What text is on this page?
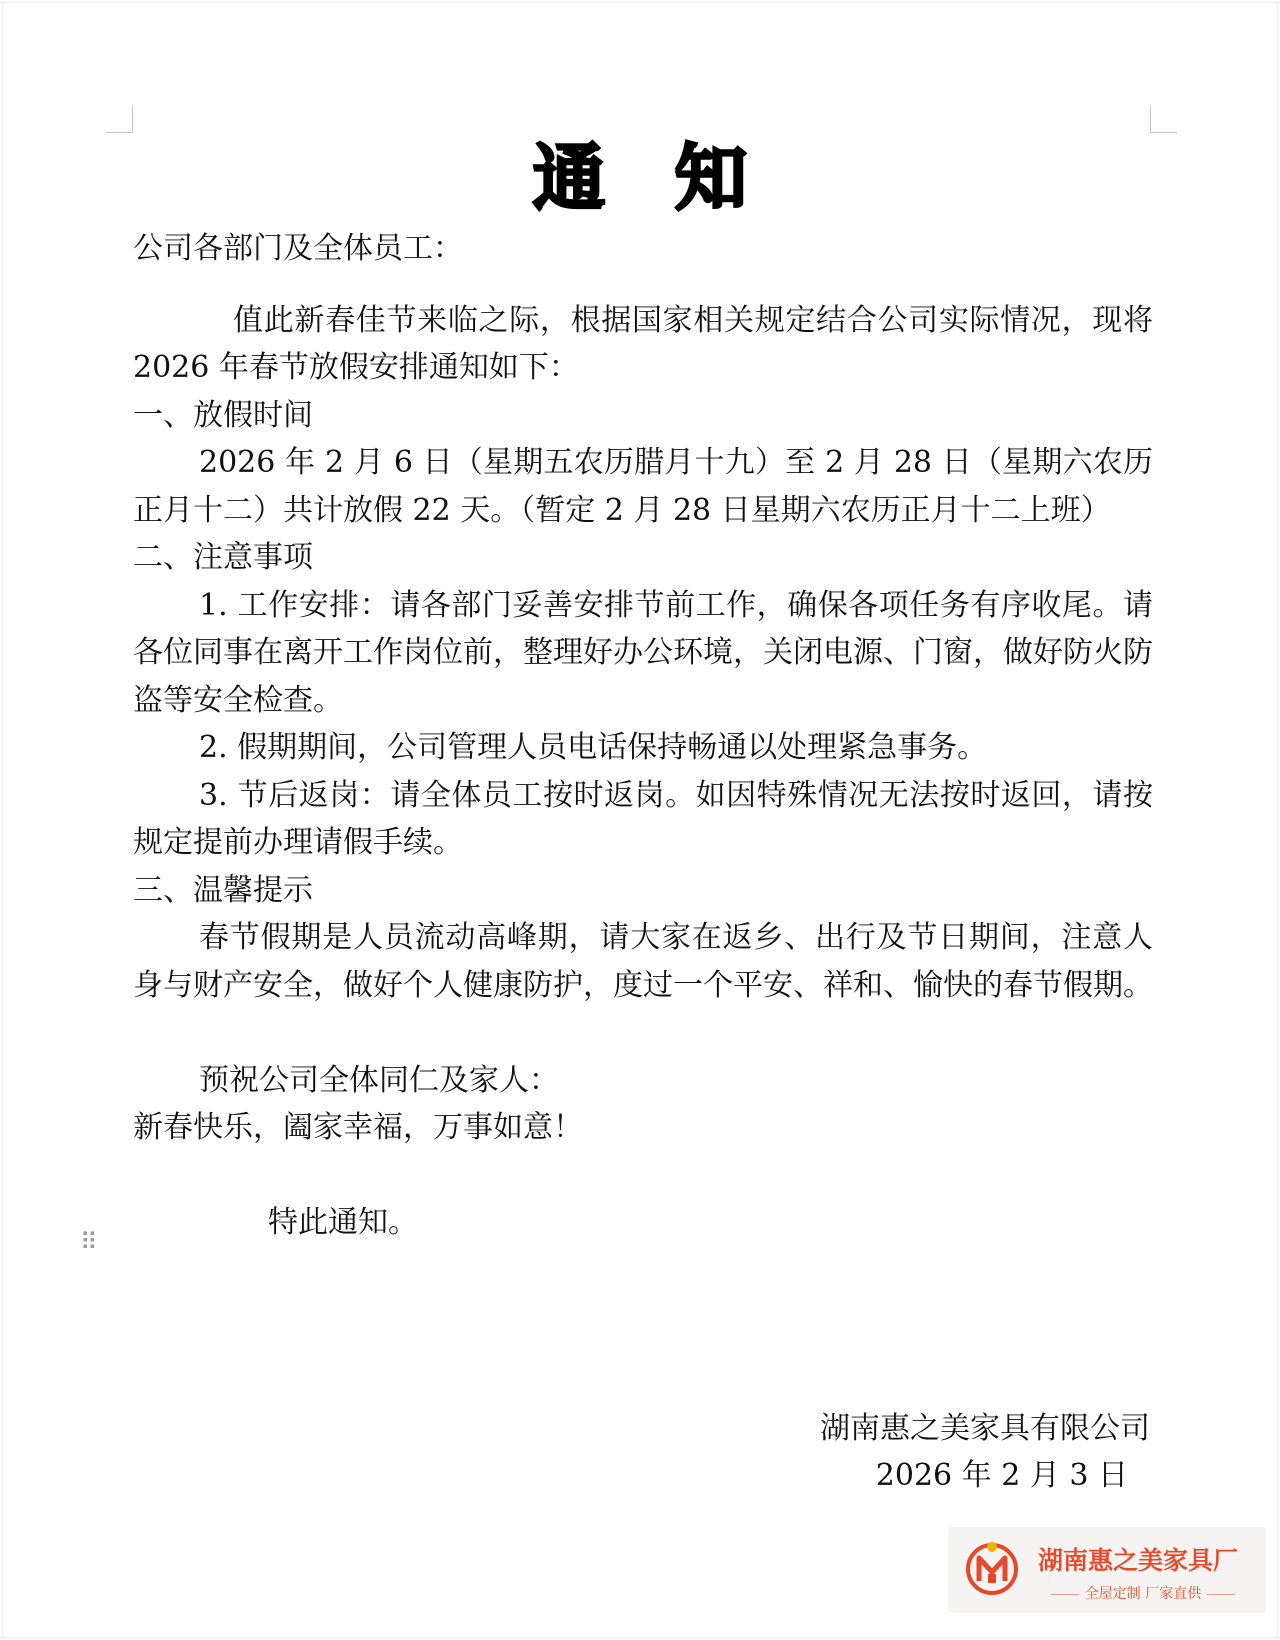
通知

公司各部门及全体员工：

值此新春佳节来临之际，根据国家相关规定结合公司实际情况，现将 2026 年春节放假安排通知如下：

一、放假时间

2026 年 2 月 6 日（星期五农历腊月十九）至 2 月 28 日（星期六农历正月十二）共计放假 22 天。（暂定 2 月 28 日星期六农历正月十二上班）

二、注意事项

1. 工作安排：请各部门妥善安排节前工作，确保各项任务有序收尾。请各位同事在离开工作岗位前，整理好办公环境，关闭电源、门窗，做好防火防盗等安全检查。

2. 假期期间，公司管理人员电话保持畅通以处理紧急事务。

3. 节后返岗：请全体员工按时返岗。如因特殊情况无法按时返回，请按规定提前办理请假手续。

三、温馨提示

春节假期是人员流动高峰期，请大家在返乡、出行及节日期间，注意人身与财产安全，做好个人健康防护，度过一个平安、祥和、愉快的春节假期。

预祝公司全体同仁及家人：

新春快乐，阖家幸福，万事如意！

特此通知。

⠿
湖南惠之美家具有限公司
2026 年 2 月 3 日
湖南惠之美家具厂
全屋定制 厂家直供
